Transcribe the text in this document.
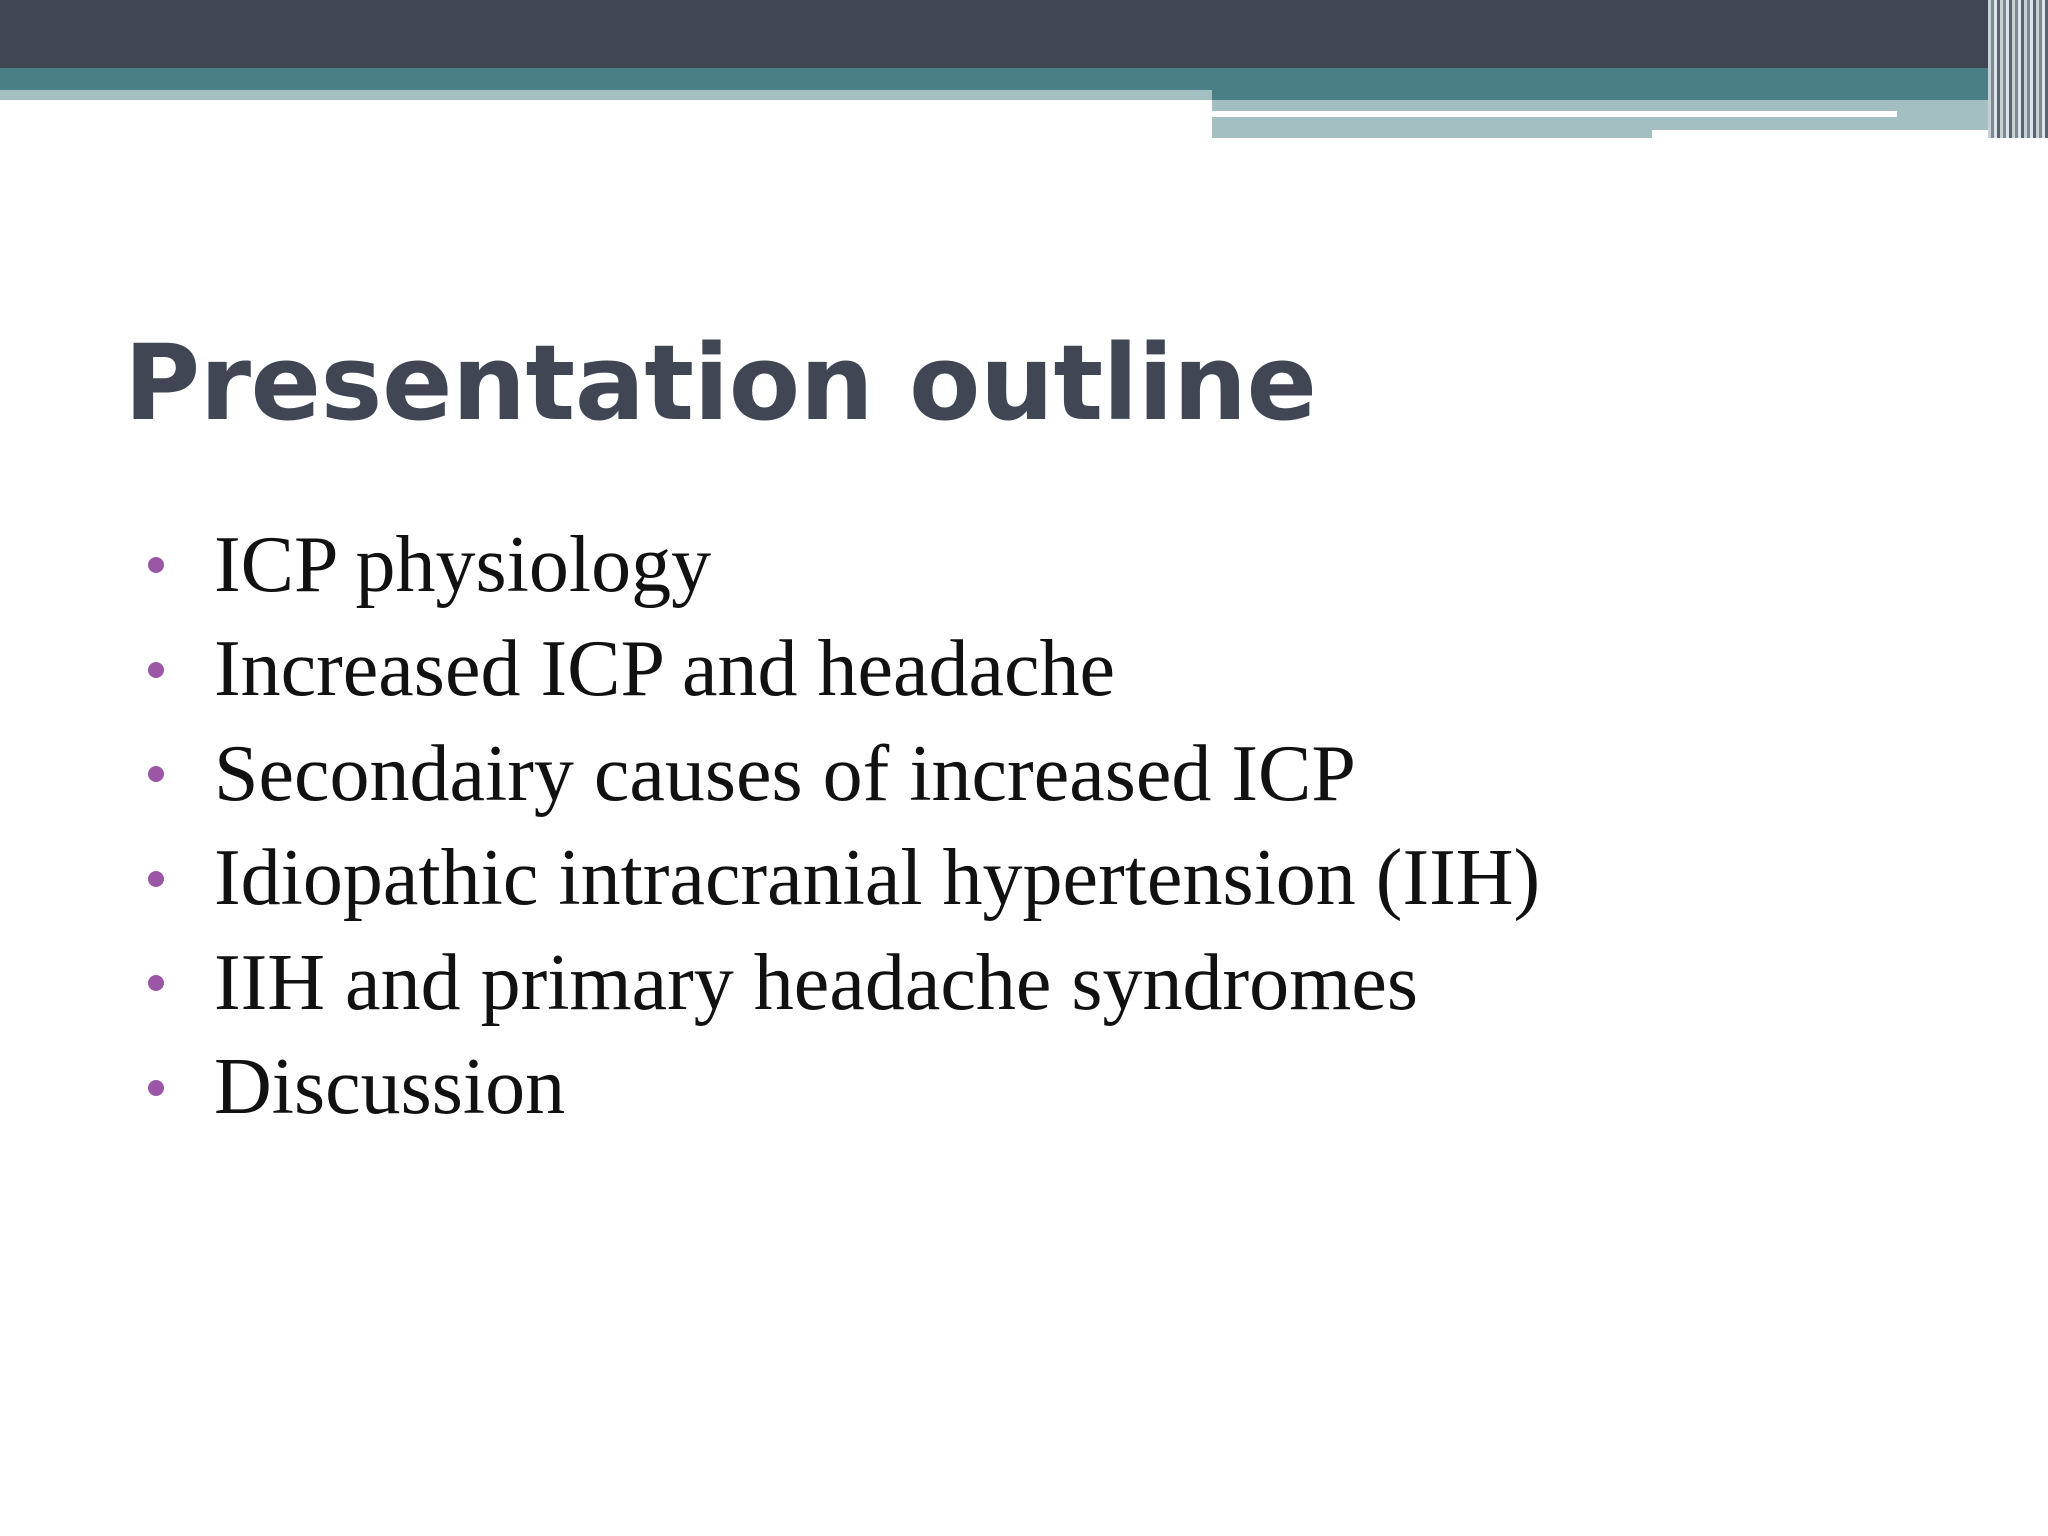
Presentation outline
ICP physiology
Increased ICP and headache
Secondairy causes of increased ICP
Idiopathic intracranial hypertension (IIH)
IIH and primary headache syndromes
Discussion
